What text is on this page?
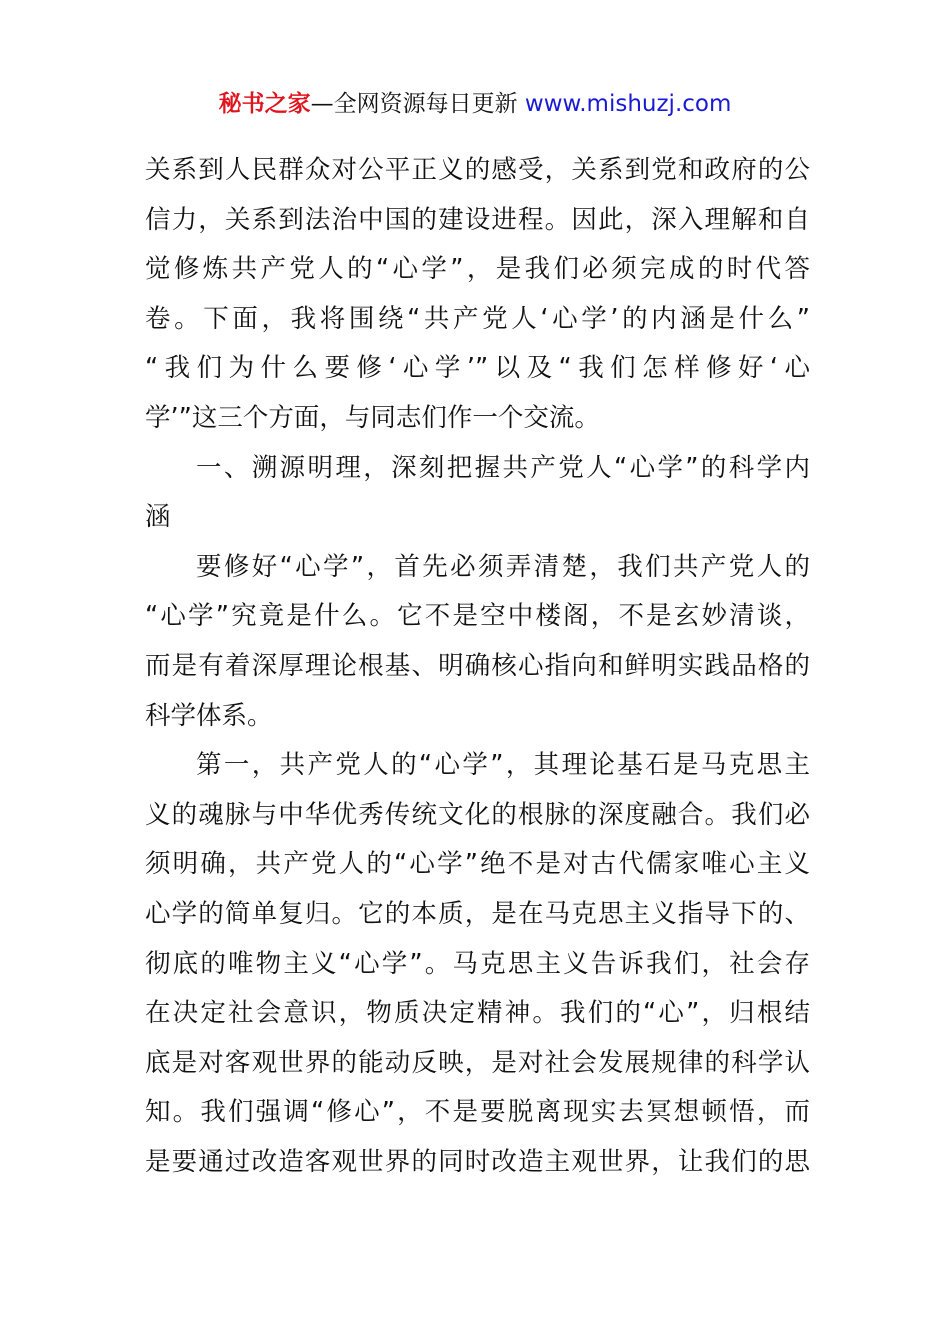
秘书之家—全网资源每日更新 www.mishuzj.com
关系到人民群众对公平正义的感受，关系到党和政府的公
信力，关系到法治中国的建设进程。因此，深入理解和自
觉修炼共产党人的“心学”，是我们必须完成的时代答
卷。下面，我将围绕“共产党人‘心学’的内涵是什么”
“我们为什么要修‘心学’”以及“我们怎样修好‘心
学’”这三个方面，与同志们作一个交流。
一、溯源明理，深刻把握共产党人“心学”的科学内
涵
要修好“心学”，首先必须弄清楚，我们共产党人的
“心学”究竟是什么。它不是空中楼阁，不是玄妙清谈，
而是有着深厚理论根基、明确核心指向和鲜明实践品格的
科学体系。
第一，共产党人的“心学”，其理论基石是马克思主
义的魂脉与中华优秀传统文化的根脉的深度融合。我们必
须明确，共产党人的“心学”绝不是对古代儒家唯心主义
心学的简单复归。它的本质，是在马克思主义指导下的、
彻底的唯物主义“心学”。马克思主义告诉我们，社会存
在决定社会意识，物质决定精神。我们的“心”，归根结
底是对客观世界的能动反映，是对社会发展规律的科学认
知。我们强调“修心”，不是要脱离现实去冥想顿悟，而
是要通过改造客观世界的同时改造主观世界，让我们的思
